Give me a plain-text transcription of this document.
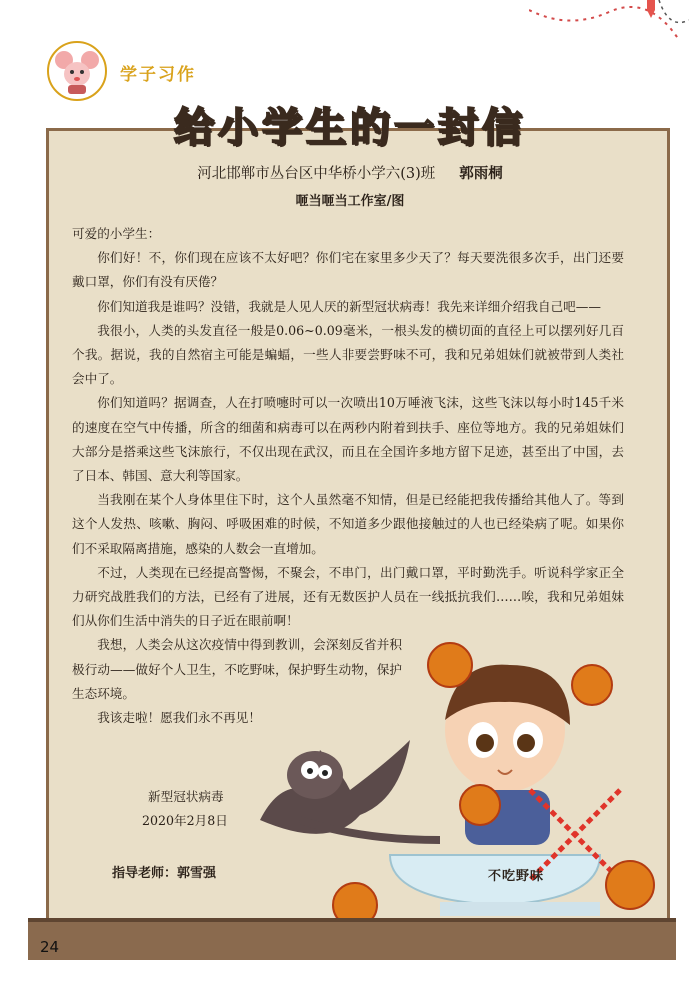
学子习作
给小学生的一封信
河北邯郸市丛台区中华桥小学六(3)班 郭雨桐
咂当咂当工作室/图

可爱的小学生：

你们好！不，你们现在应该不太好吧？你们宅在家里多少天了？每天要洗很多次手，出门还要戴口罩，你们有没有厌倦？

你们知道我是谁吗？没错，我就是人见人厌的新型冠状病毒！我先来详细介绍我自己吧——

我很小，人类的头发直径一般是0.06~0.09毫米，一根头发的横切面的直径上可以摆列好几百个我。据说，我的自然宿主可能是蝙蝠，一些人非要尝野味不可，我和兄弟姐妹们就被带到人类社会中了。

你们知道吗？据调查，人在打喷嚏时可以一次喷出10万唾液飞沫，这些飞沫以每小时145千米的速度在空气中传播，所含的细菌和病毒可以在两秒内附着到扶手、座位等地方。我的兄弟姐妹们大部分是搭乘这些飞沫旅行，不仅出现在武汉，而且在全国许多地方留下足迹，甚至出了中国，去了日本、韩国、意大利等国家。

当我刚在某个人身体里住下时，这个人虽然毫不知情，但是已经能把我传播给其他人了。等到这个人发热、咳嗽、胸闷、呼吸困难的时候，不知道多少跟他接触过的人也已经染病了呢。如果你们不采取隔离措施，感染的人数会一直增加。

不过，人类现在已经提高警惕，不聚会，不串门，出门戴口罩，平时勤洗手。听说科学家正全力研究战胜我们的方法，已经有了进展，还有无数医护人员在一线抵抗我们……唉，我和兄弟姐妹们从你们生活中消失的日子近在眼前啊！

我想，人类会从这次疫情中得到教训，会深刻反省并积极行动——做好个人卫生，不吃野味，保护野生动物，保护生态环境。

我该走啦！愿我们永不再见！

新型冠状病毒
2020年2月8日
指导老师：郭雪强	不吃野味
24
